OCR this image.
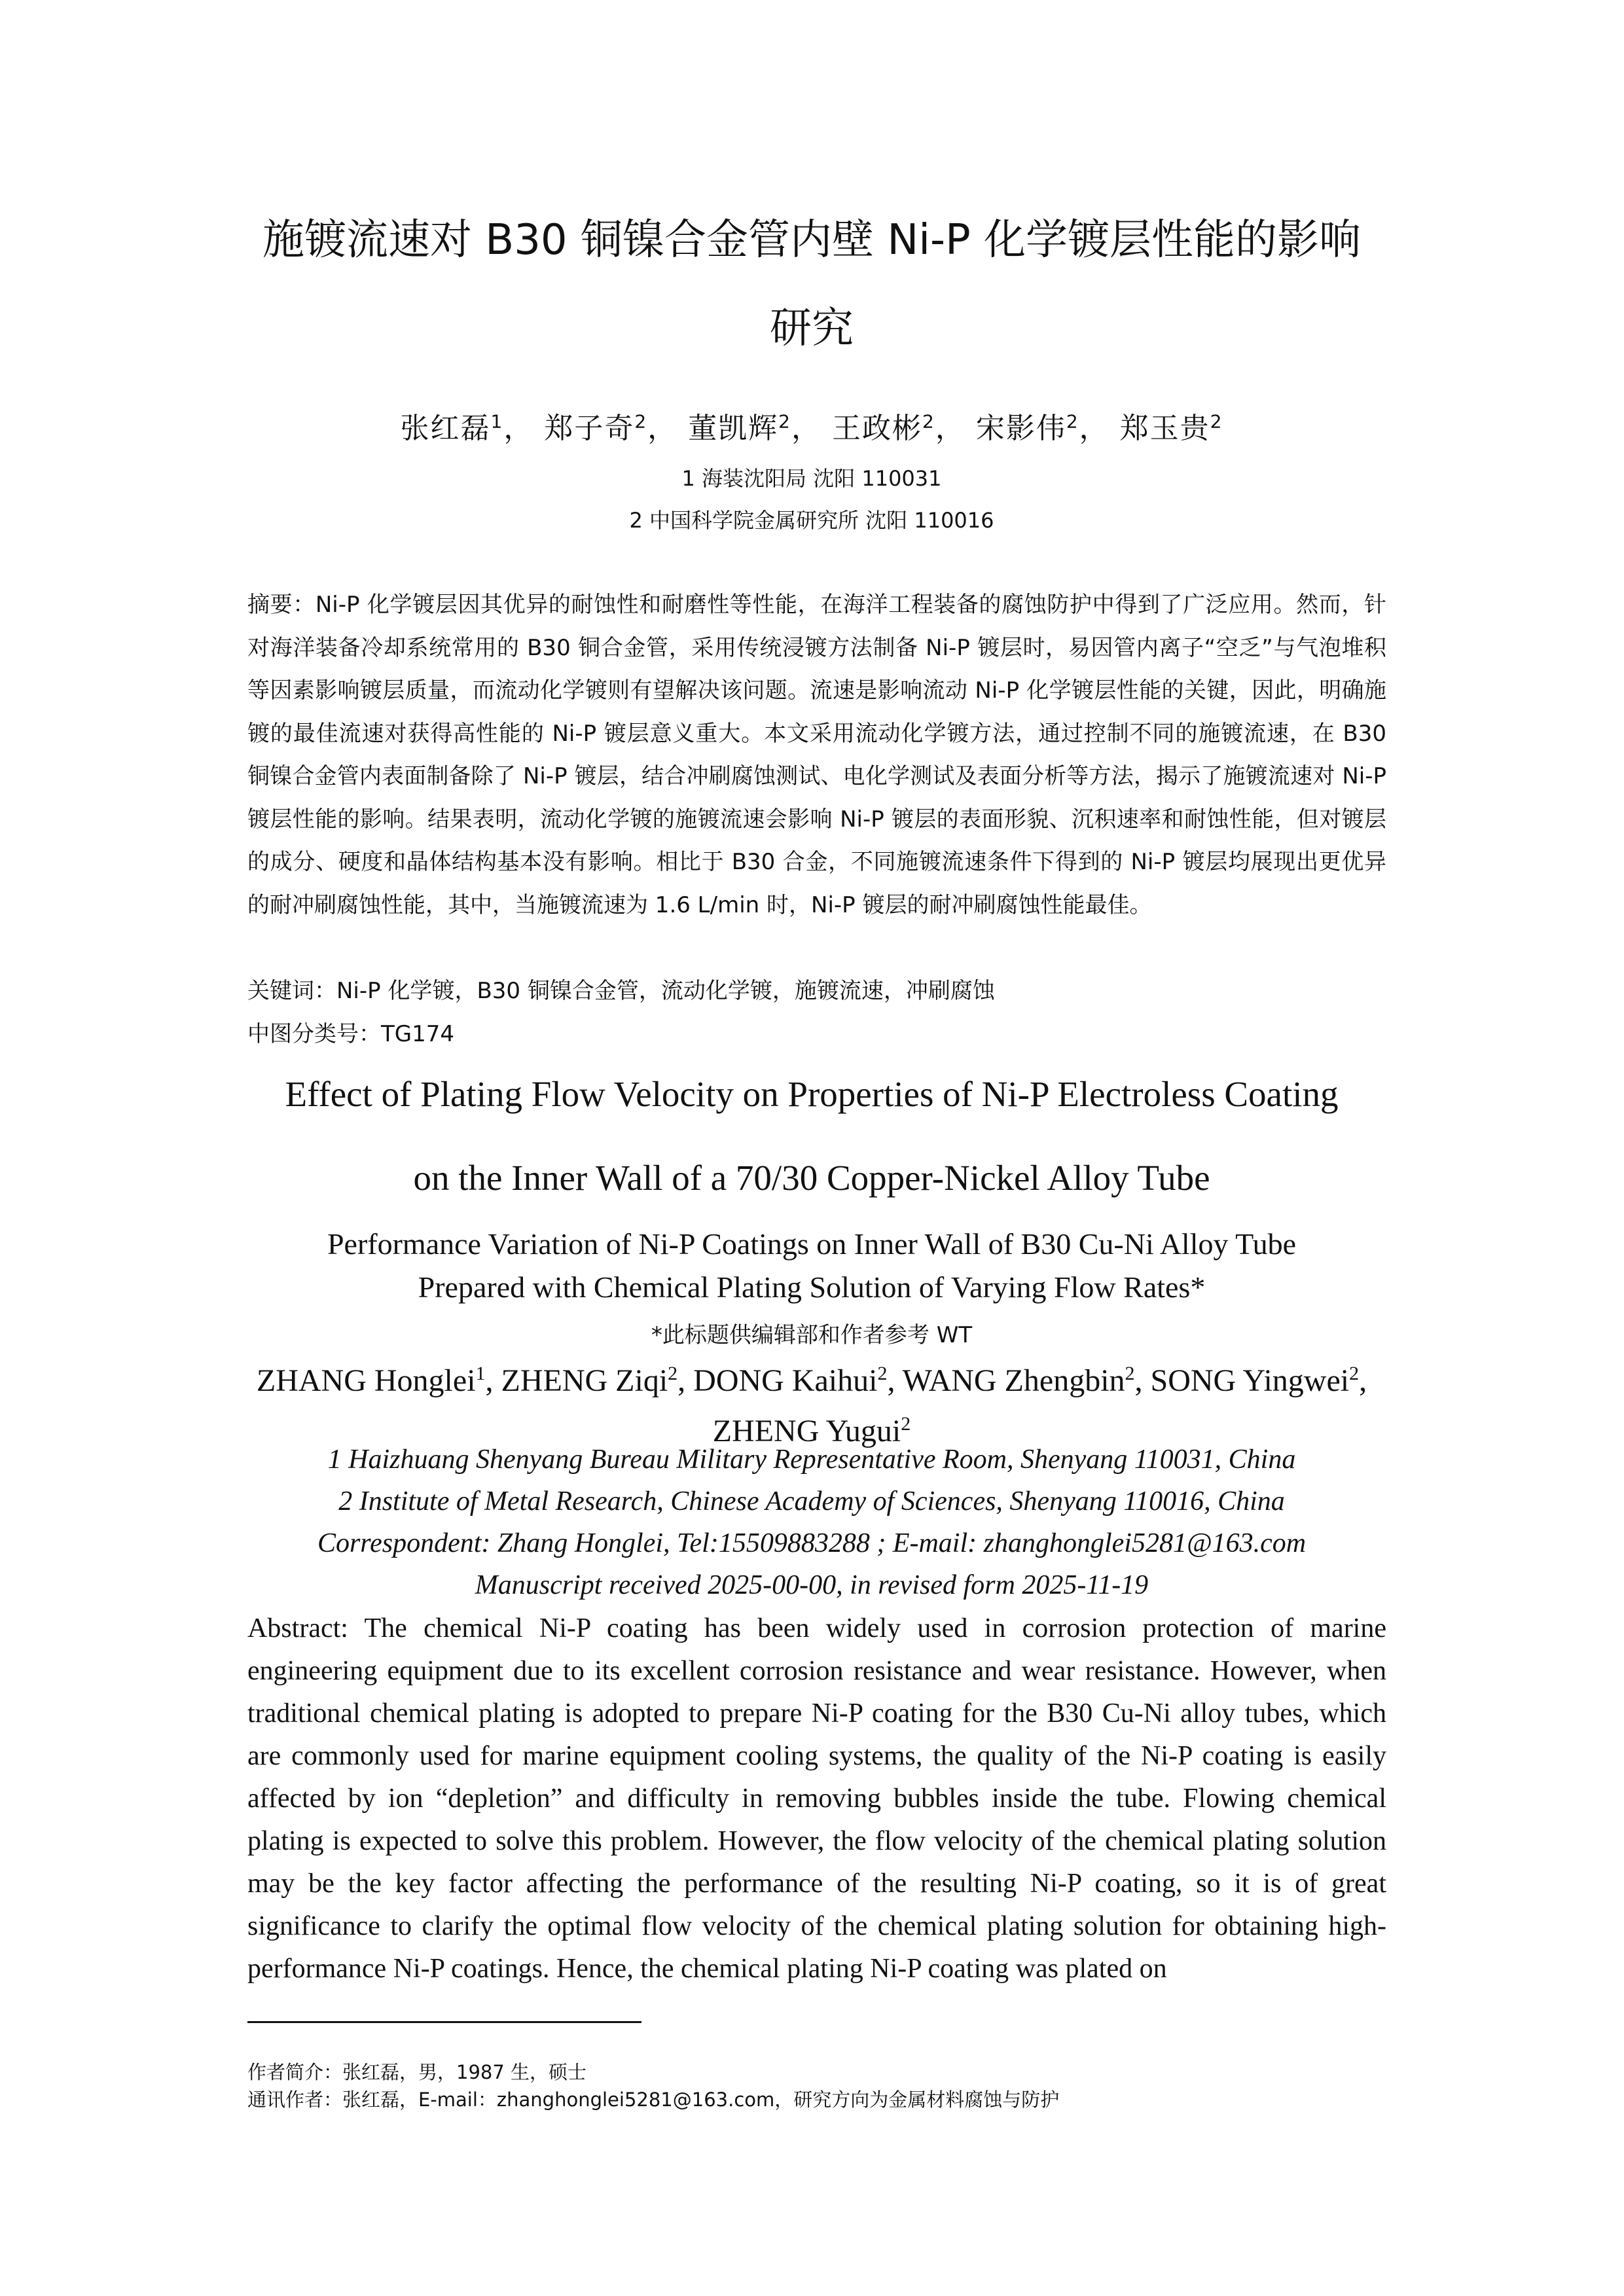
施镀流速对 B30 铜镍合金管内壁 Ni-P 化学镀层性能的影响
研究
张红磊$^1$， 郑子奇$^2$， 董凯辉$^2$， 王政彬$^2$， 宋影伟$^2$， 郑玉贵$^2$
1 海装沈阳局 沈阳 110031
2 中国科学院金属研究所 沈阳 110016
摘要：Ni-P 化学镀层因其优异的耐蚀性和耐磨性等性能，在海洋工程装备的腐蚀防护中得到了广泛应用。然而，针对海洋装备冷却系统常用的 B30 铜合金管，采用传统浸镀方法制备 Ni-P 镀层时，易因管内离子“空乏”与气泡堆积等因素影响镀层质量，而流动化学镀则有望解决该问题。流速是影响流动 Ni-P 化学镀层性能的关键，因此，明确施镀的最佳流速对获得高性能的 Ni-P 镀层意义重大。本文采用流动化学镀方法，通过控制不同的施镀流速，在 B30 铜镍合金管内表面制备除了 Ni-P 镀层，结合冲刷腐蚀测试、电化学测试及表面分析等方法，揭示了施镀流速对 Ni-P 镀层性能的影响。结果表明，流动化学镀的施镀流速会影响 Ni-P 镀层的表面形貌、沉积速率和耐蚀性能，但对镀层的成分、硬度和晶体结构基本没有影响。相比于 B30 合金，不同施镀流速条件下得到的 Ni-P 镀层均展现出更优异的耐冲刷腐蚀性能，其中，当施镀流速为 1.6 L/min 时，Ni-P 镀层的耐冲刷腐蚀性能最佳。
关键词：Ni-P 化学镀，B30 铜镍合金管，流动化学镀，施镀流速，冲刷腐蚀
中图分类号：TG174
Effect of Plating Flow Velocity on Properties of Ni-P Electroless Coating
on the Inner Wall of a 70/30 Copper-Nickel Alloy Tube
Performance Variation of Ni-P Coatings on Inner Wall of B30 Cu-Ni Alloy Tube
Prepared with Chemical Plating Solution of Varying Flow Rates*
*此标题供编辑部和作者参考 WT
ZHANG Honglei$^1$, ZHENG Ziqi$^2$, DONG Kaihui$^2$, WANG Zhengbin$^2$, SONG Yingwei$^2$, ZHENG Yugui$^2$
1 Haizhuang Shenyang Bureau Military Representative Room, Shenyang 110031, China
2 Institute of Metal Research, Chinese Academy of Sciences, Shenyang 110016, China
Correspondent: Zhang Honglei, Tel:15509883288 ; E-mail: zhanghonglei5281@163.com
Manuscript received 2025-00-00, in revised form 2025-11-19
Abstract: The chemical Ni-P coating has been widely used in corrosion protection of marine engineering equipment due to its excellent corrosion resistance and wear resistance. However, when traditional chemical plating is adopted to prepare Ni-P coating for the B30 Cu-Ni alloy tubes, which are commonly used for marine equipment cooling systems, the quality of the Ni-P coating is easily affected by ion “depletion” and difficulty in removing bubbles inside the tube. Flowing chemical plating is expected to solve this problem. However, the flow velocity of the chemical plating solution may be the key factor affecting the performance of the resulting Ni-P coating, so it is of great significance to clarify the optimal flow velocity of the chemical plating solution for obtaining high-performance Ni-P coatings. Hence, the chemical plating Ni-P coating was plated on
作者简介：张红磊，男，1987 生，硕士
通讯作者：张红磊，E-mail：zhanghonglei5281@163.com，研究方向为金属材料腐蚀与防护
